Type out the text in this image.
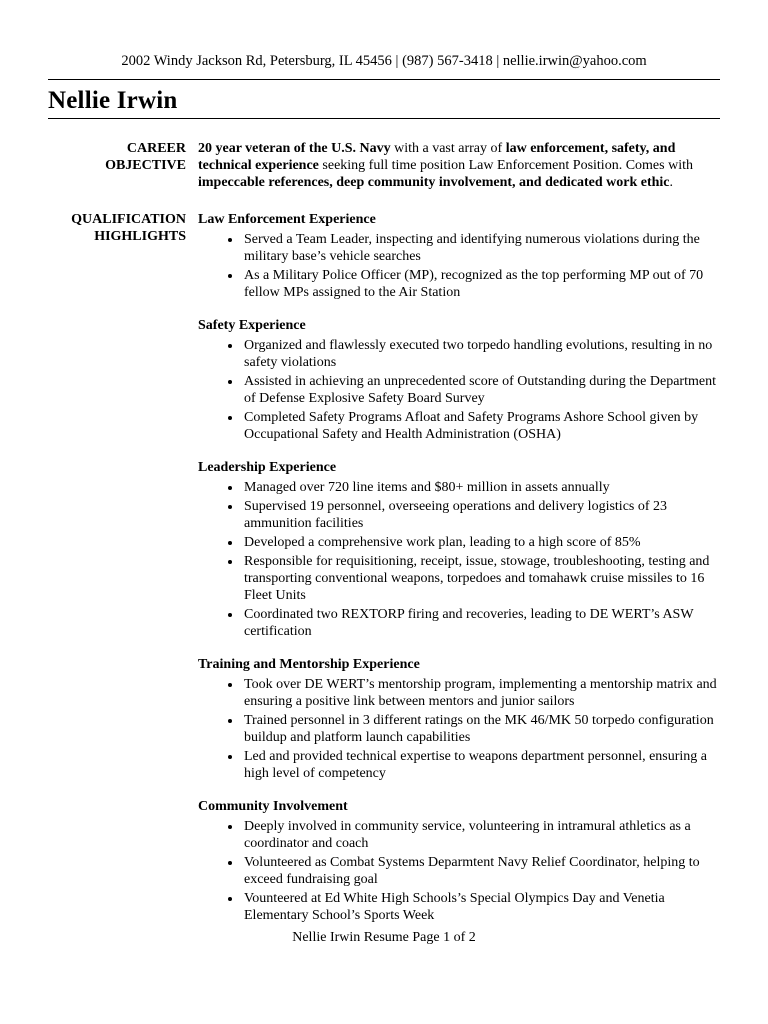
2002 Windy Jackson Rd, Petersburg, IL 45456 | (987) 567-3418 | nellie.irwin@yahoo.com
Nellie Irwin
CAREER
OBJECTIVE
20 year veteran of the U.S. Navy with a vast array of law enforcement, safety, and technical experience seeking full time position Law Enforcement Position. Comes with impeccable references, deep community involvement, and dedicated work ethic.
QUALIFICATION
HIGHLIGHTS
Law Enforcement Experience
• Served a Team Leader, inspecting and identifying numerous violations during the military base’s vehicle searches
• As a Military Police Officer (MP), recognized as the top performing MP out of 70 fellow MPs assigned to the Air Station
Safety Experience
• Organized and flawlessly executed two torpedo handling evolutions, resulting in no safety violations
• Assisted in achieving an unprecedented score of Outstanding during the Department of Defense Explosive Safety Board Survey
• Completed Safety Programs Afloat and Safety Programs Ashore School given by Occupational Safety and Health Administration (OSHA)
Leadership Experience
• Managed over 720 line items and $80+ million in assets annually
• Supervised 19 personnel, overseeing operations and delivery logistics of 23 ammunition facilities
• Developed a comprehensive work plan, leading to a high score of 85%
• Responsible for requisitioning, receipt, issue, stowage, troubleshooting, testing and transporting conventional weapons, torpedoes and tomahawk cruise missiles to 16 Fleet Units
• Coordinated two REXTORP firing and recoveries, leading to DE WERT’s ASW certification
Training and Mentorship Experience
• Took over DE WERT’s mentorship program, implementing a mentorship matrix and ensuring a positive link between mentors and junior sailors
• Trained personnel in 3 different ratings on the MK 46/MK 50 torpedo configuration buildup and platform launch capabilities
• Led and provided technical expertise to weapons department personnel, ensuring a high level of competency
Community Involvement
• Deeply involved in community service, volunteering in intramural athletics as a coordinator and coach
• Volunteered as Combat Systems Deparmtent Navy Relief Coordinator, helping to exceed fundraising goal
• Vounteered at Ed White High Schools’s Special Olympics Day and Venetia Elementary School’s Sports Week
Nellie Irwin Resume Page 1 of 2
